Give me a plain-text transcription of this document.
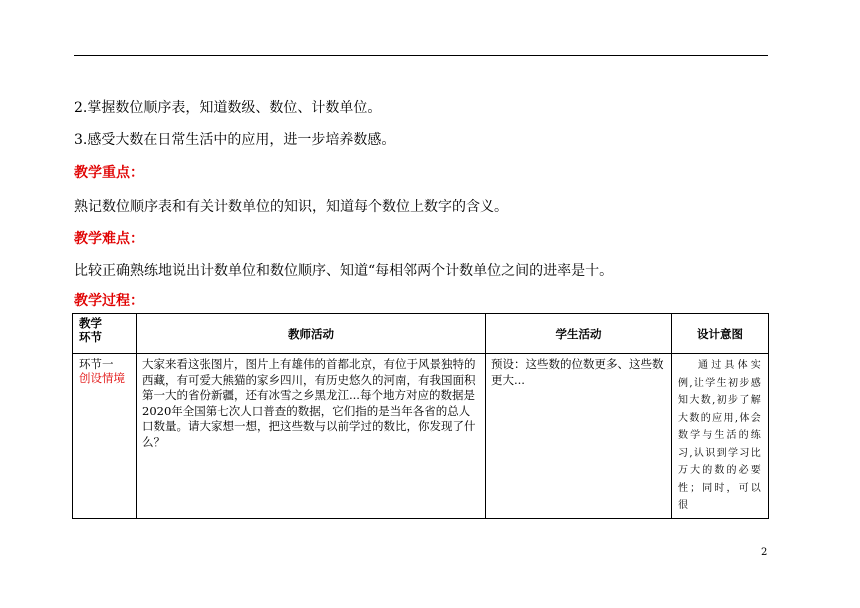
2.掌握数位顺序表，知道数级、数位、计数单位。
3.感受大数在日常生活中的应用，进一步培养数感。
教学重点：
熟记数位顺序表和有关计数单位的知识，知道每个数位上数字的含义。
教学难点：
比较正确熟练地说出计数单位和数位顺序、知道“每相邻两个计数单位之间的进率是十。
教学过程：
教学
环节	教师活动	学生活动	设计意图

环节一
创设情境	大家来看这张图片，图片上有雄伟的首都北京，有位于风景独特的西藏，有可爱大熊猫的家乡四川，有历史悠久的河南，有我国面积第一大的省份新疆，还有冰雪之乡黑龙江...每个地方对应的数据是2020年全国第七次人口普查的数据，它们指的是当年各省的总人口数量。请大家想一想，把这些数与以前学过的数比，你发现了什么？	预设：这些数的位数更多、这些数更大...	通过具体实例,让学生初步感知大数,初步了解大数的应用,体会数学与生活的练习,认识到学习比万大的数的必要性；同时，可以很
2
